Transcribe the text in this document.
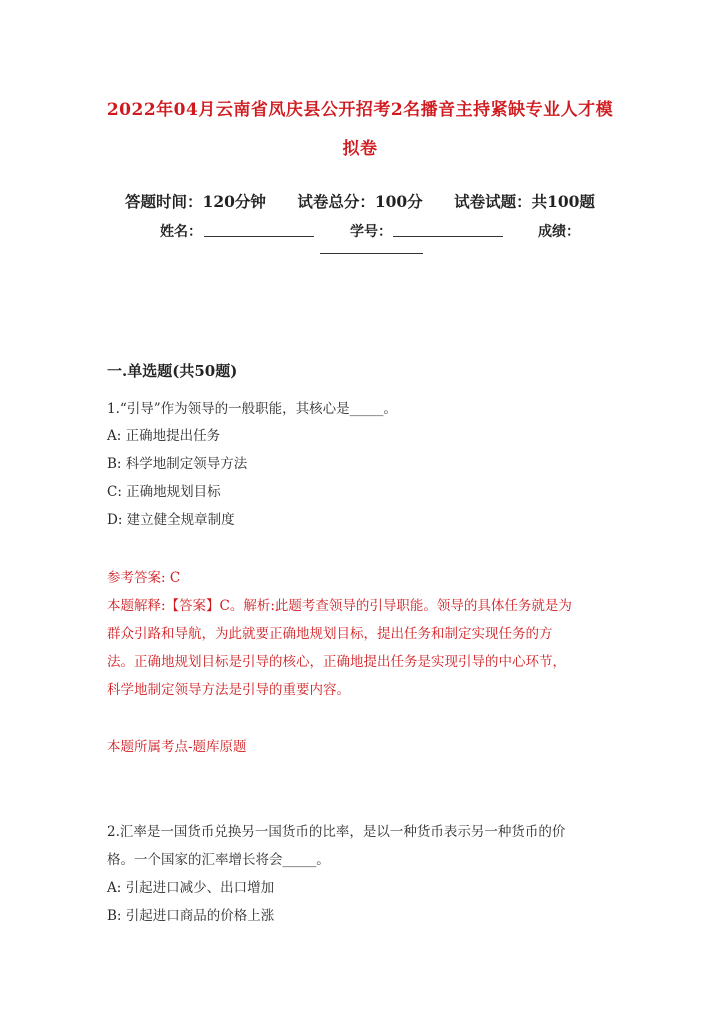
2022年04月云南省凤庆县公开招考2名播音主持紧缺专业人才模
拟卷
答题时间：120分钟 试卷总分：100分 试卷试题：共100题
姓名：	学号：	成绩：
一.单选题(共50题)
1.“引导”作为领导的一般职能，其核心是_____。
A: 正确地提出任务
B: 科学地制定领导方法
C: 正确地规划目标
D: 建立健全规章制度
参考答案: C
本题解释:【答案】C。解析:此题考查领导的引导职能。领导的具体任务就是为
群众引路和导航，为此就要正确地规划目标，提出任务和制定实现任务的方
法。正确地规划目标是引导的核心，正确地提出任务是实现引导的中心环节，
科学地制定领导方法是引导的重要内容。
本题所属考点-题库原题
2.汇率是一国货币兑换另一国货币的比率，是以一种货币表示另一种货币的价
格。一个国家的汇率增长将会_____。
A: 引起进口减少、出口增加
B: 引起进口商品的价格上涨
